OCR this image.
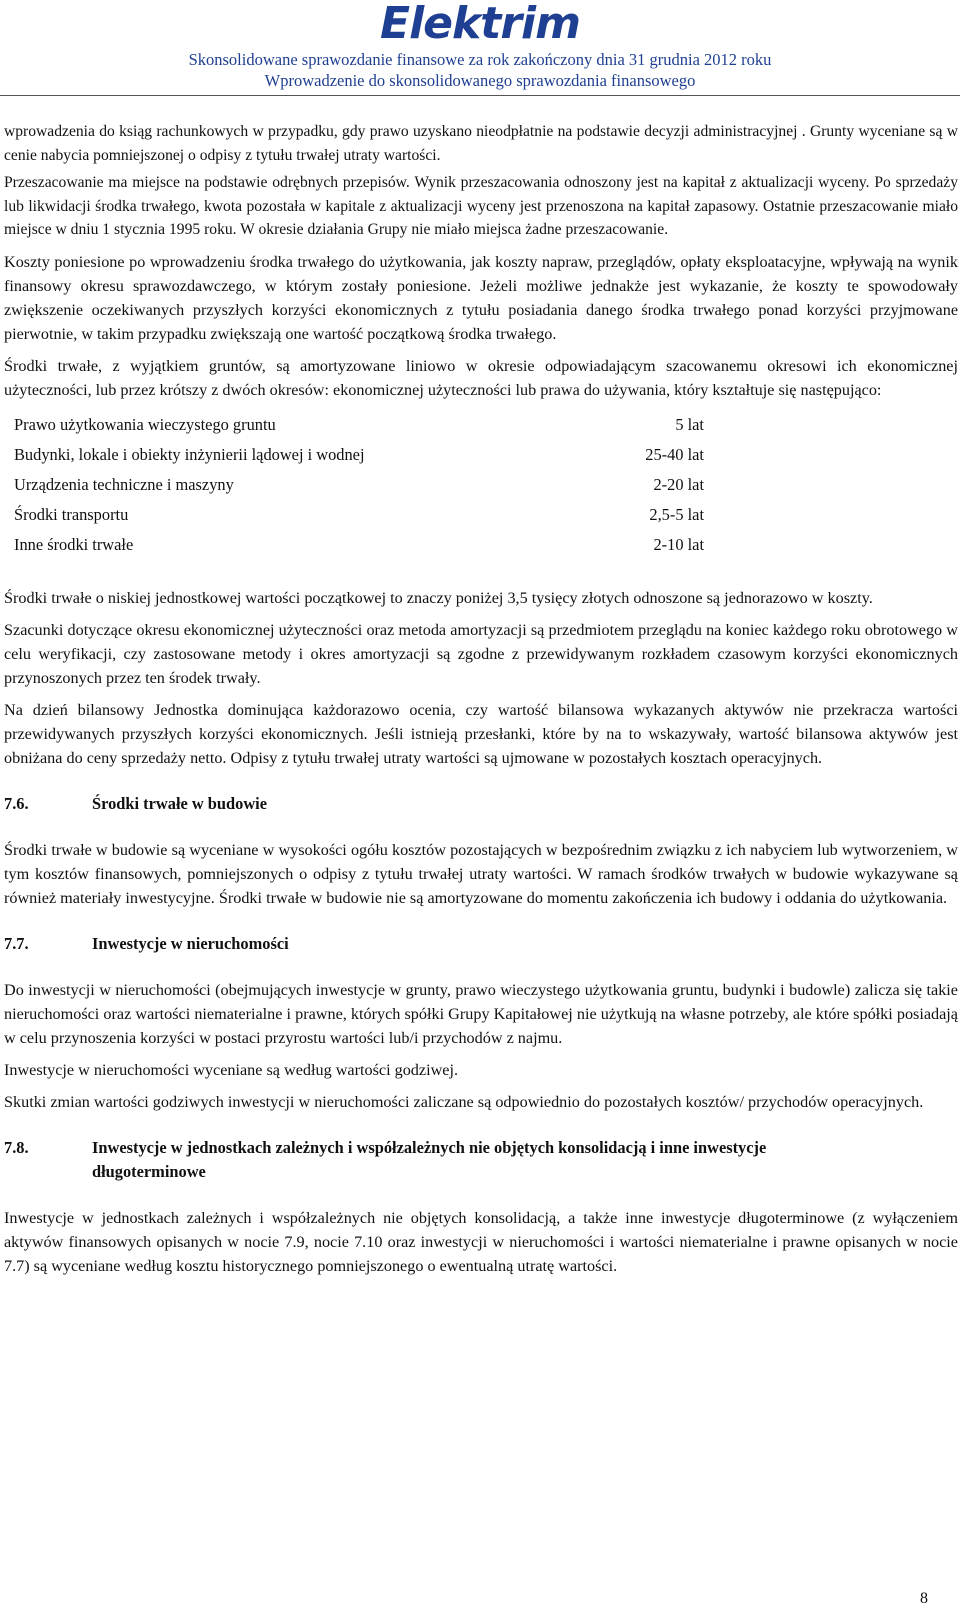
Elektrim
Skonsolidowane sprawozdanie finansowe za rok zakończony dnia 31 grudnia 2012 roku
Wprowadzenie do skonsolidowanego sprawozdania finansowego

wprowadzenia do ksiąg rachunkowych w przypadku, gdy prawo uzyskano nieodpłatnie na podstawie decyzji administracyjnej . Grunty wyceniane są w cenie nabycia pomniejszonej o odpisy z tytułu trwałej utraty wartości.

Przeszacowanie ma miejsce na podstawie odrębnych przepisów. Wynik przeszacowania odnoszony jest na kapitał z aktualizacji wyceny. Po sprzedaży lub likwidacji środka trwałego, kwota pozostała w kapitale z aktualizacji wyceny jest przenoszona na kapitał zapasowy. Ostatnie przeszacowanie miało miejsce w dniu 1 stycznia 1995 roku. W okresie działania Grupy nie miało miejsca żadne przeszacowanie.

Koszty poniesione po wprowadzeniu środka trwałego do użytkowania, jak koszty napraw, przeglądów, opłaty eksploatacyjne, wpływają na wynik finansowy okresu sprawozdawczego, w którym zostały poniesione. Jeżeli możliwe jednakże jest wykazanie, że koszty te spowodowały zwiększenie oczekiwanych przyszłych korzyści ekonomicznych z tytułu posiadania danego środka trwałego ponad korzyści przyjmowane pierwotnie, w takim przypadku zwiększają one wartość początkową środka trwałego.

Środki trwałe, z wyjątkiem gruntów, są amortyzowane liniowo w okresie odpowiadającym szacowanemu okresowi ich ekonomicznej użyteczności, lub przez krótszy z dwóch okresów: ekonomicznej użyteczności lub prawa do używania, który kształtuje się następująco:

Prawo użytkowania wieczystego gruntu	5 lat
Budynki, lokale i obiekty inżynierii lądowej i wodnej	25-40 lat
Urządzenia techniczne i maszyny	2-20 lat
Środki transportu	2,5-5 lat
Inne środki trwałe	2-10 lat

Środki trwałe o niskiej jednostkowej wartości początkowej to znaczy poniżej 3,5 tysięcy złotych odnoszone są jednorazowo w koszty.

Szacunki dotyczące okresu ekonomicznej użyteczności oraz metoda amortyzacji są przedmiotem przeglądu na koniec każdego roku obrotowego w celu weryfikacji, czy zastosowane metody i okres amortyzacji są zgodne z przewidywanym rozkładem czasowym korzyści ekonomicznych przynoszonych przez ten środek trwały.

Na dzień bilansowy Jednostka dominująca każdorazowo ocenia, czy wartość bilansowa wykazanych aktywów nie przekracza wartości przewidywanych przyszłych korzyści ekonomicznych. Jeśli istnieją przesłanki, które by na to wskazywały, wartość bilansowa aktywów jest obniżana do ceny sprzedaży netto. Odpisy z tytułu trwałej utraty wartości są ujmowane w pozostałych kosztach operacyjnych.

7.6.	Środki trwałe w budowie

Środki trwałe w budowie są wyceniane w wysokości ogółu kosztów pozostających w bezpośrednim związku z ich nabyciem lub wytworzeniem, w tym kosztów finansowych, pomniejszonych o odpisy z tytułu trwałej utraty wartości. W ramach środków trwałych w budowie wykazywane są również materiały inwestycyjne. Środki trwałe w budowie nie są amortyzowane do momentu zakończenia ich budowy i oddania do użytkowania.

7.7.	Inwestycje w nieruchomości

Do inwestycji w nieruchomości (obejmujących inwestycje w grunty, prawo wieczystego użytkowania gruntu, budynki i budowle) zalicza się takie nieruchomości oraz wartości niematerialne i prawne, których spółki Grupy Kapitałowej nie użytkują na własne potrzeby, ale które spółki posiadają w celu przynoszenia korzyści w postaci przyrostu wartości lub/i przychodów z najmu.

Inwestycje w nieruchomości wyceniane są według wartości godziwej.

Skutki zmian wartości godziwych inwestycji w nieruchomości zaliczane są odpowiednio do pozostałych kosztów/ przychodów operacyjnych.

7.8.	Inwestycje w jednostkach zależnych i współzależnych nie objętych konsolidacją i inne inwestycje długoterminowe

Inwestycje w jednostkach zależnych i współzależnych nie objętych konsolidacją, a także inne inwestycje długoterminowe (z wyłączeniem aktywów finansowych opisanych w nocie 7.9, nocie 7.10 oraz inwestycji w nieruchomości i wartości niematerialne i prawne opisanych w nocie 7.7) są wyceniane według kosztu historycznego pomniejszonego o ewentualną utratę wartości.

8
